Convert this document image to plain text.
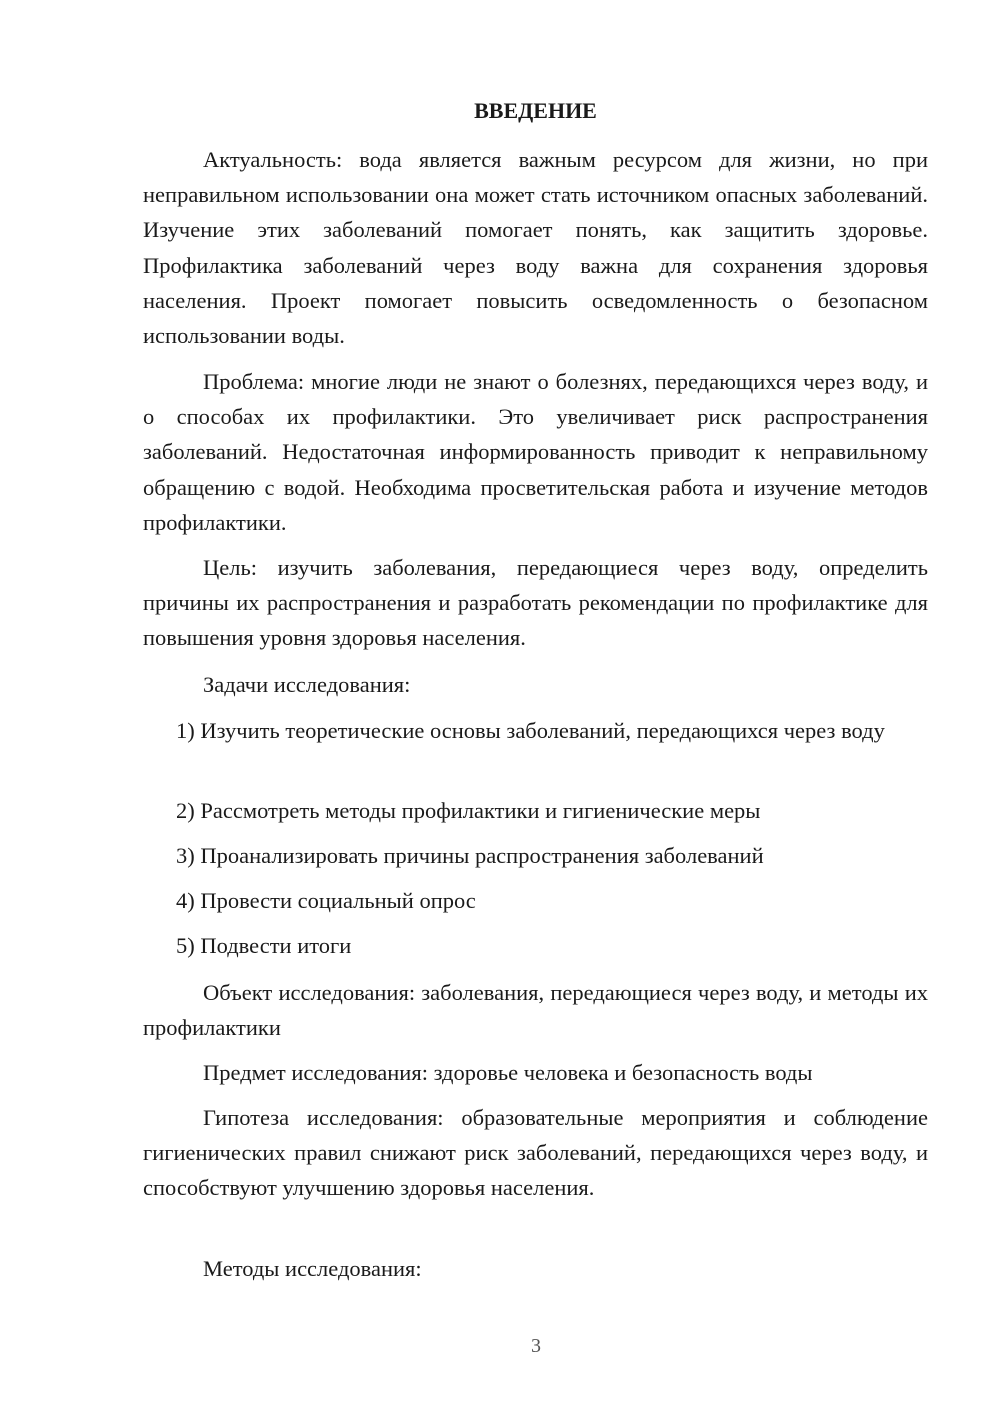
ВВЕДЕНИЕ

Актуальность: вода является важным ресурсом для жизни, но при неправильном использовании она может стать источником опасных заболеваний. Изучение этих заболеваний помогает понять, как защитить здоровье. Профилактика заболеваний через воду важна для сохранения здоровья населения. Проект помогает повысить осведомленность о безопасном использовании воды.

Проблема: многие люди не знают о болезнях, передающихся через воду, и о способах их профилактики. Это увеличивает риск распространения заболеваний. Недостаточная информированность приводит к неправильному обращению с водой. Необходима просветительская работа и изучение методов профилактики.

Цель: изучить заболевания, передающиеся через воду, определить причины их распространения и разработать рекомендации по профилактике для повышения уровня здоровья населения.

Задачи исследования:

1) Изучить теоретические основы заболеваний, передающихся через воду

2) Рассмотреть методы профилактики и гигиенические меры

3) Проанализировать причины распространения заболеваний

4) Провести социальный опрос

5) Подвести итоги

Объект исследования: заболевания, передающиеся через воду, и методы их профилактики

Предмет исследования: здоровье человека и безопасность воды

Гипотеза исследования: образовательные мероприятия и соблюдение гигиенических правил снижают риск заболеваний, передающихся через воду, и способствуют улучшению здоровья населения.

Методы исследования:

3
